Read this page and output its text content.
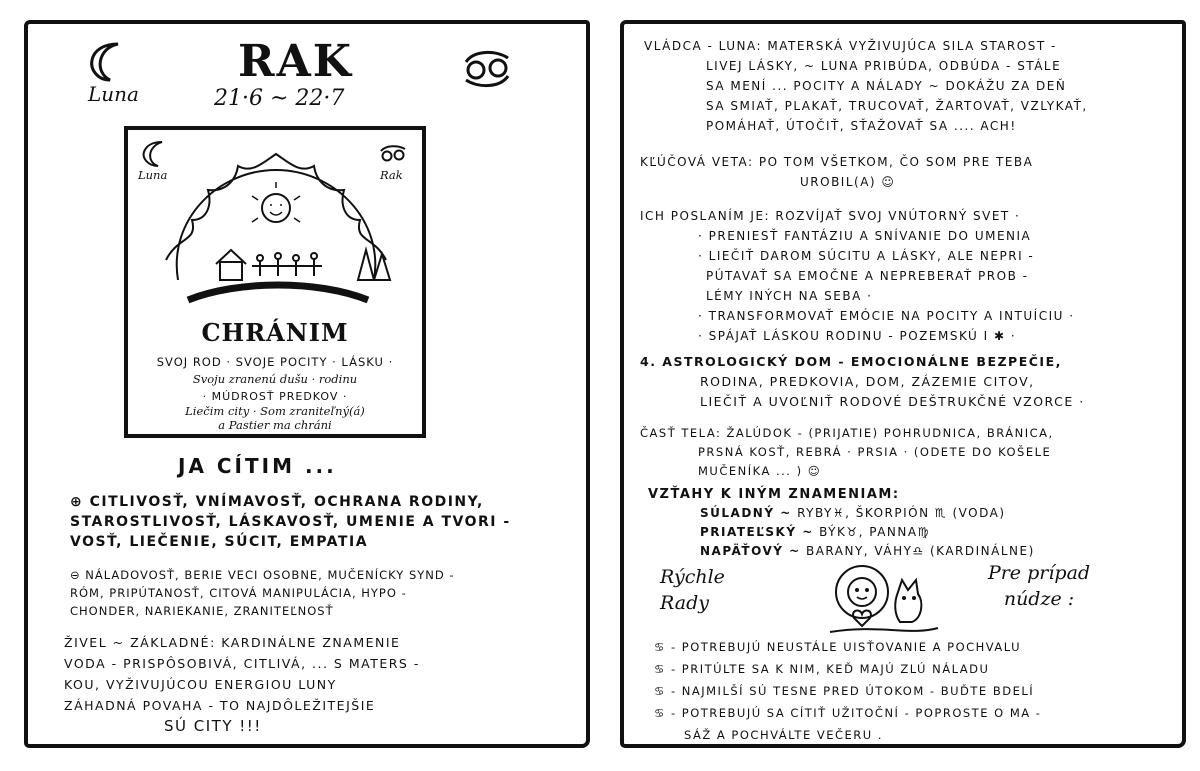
Luna
RAK
21·6 ~ 22·7
Luna	Rak
CHRÁNIM
SVOJ ROD · SVOJE POCITY · LÁSKU ·
Svoju zranenú dušu · rodinu
· MÚDROSŤ PREDKOV ·
Liečim city · Som zraniteľný(á)
a Pastier ma chráni
JA CÍTIM ...
⊕ CITLIVOSŤ, VNÍMAVOSŤ, OCHRANA RODINY,
STAROSTLIVOSŤ, LÁSKAVOSŤ, UMENIE A TVORI -
VOSŤ, LIEČENIE, SÚCIT, EMPATIA
⊖ NÁLADOVOSŤ, BERIE VECI OSOBNE, MUČENÍCKY SYND -
RÓM, PRIPÚTANOSŤ, CITOVÁ MANIPULÁCIA, HYPO -
CHONDER, NARIEKANIE, ZRANITEĽNOSŤ
ŽIVEL ~ ZÁKLADNÉ: KARDINÁLNE ZNAMENIE
VODA - PRISPÔSOBIVÁ, CITLIVÁ, ... S MATERS -
KOU, VYŽIVUJÚCOU ENERGIOU LUNY
ZÁHADNÁ POVAHA - TO NAJDÔLEŽITEJŠIE
SÚ CITY !!!
VLÁDCA - LUNA: MATERSKÁ VYŽIVUJÚCA SILA STAROST -
LIVEJ LÁSKY, ~ LUNA PRIBÚDA, ODBÚDA - STÁLE
SA MENÍ ... POCITY A NÁLADY ~ DOKÁŽU ZA DEŇ
SA SMIAŤ, PLAKAŤ, TRUCOVAŤ, ŽARTOVAŤ, VZLYKAŤ,
POMÁHAŤ, ÚTOČIŤ, SŤAŽOVAŤ SA .... ACH!
KĽÚČOVÁ VETA: PO TOM VŠETKOM, ČO SOM PRE TEBA
UROBIL(A) ☺
ICH POSLANÍM JE: ROZVÍJAŤ SVOJ VNÚTORNÝ SVET ·
· PRENIESŤ FANTÁZIU A SNÍVANIE DO UMENIA
· LIEČIŤ DAROM SÚCITU A LÁSKY, ALE NEPRI -
PÚTAVAŤ SA EMOČNE A NEPREBERAŤ PROB -
LÉMY INÝCH NA SEBA ·
· TRANSFORMOVAŤ EMÓCIE NA POCITY A INTUÍCIU ·
· SPÁJAŤ LÁSKOU RODINU - POZEMSKÚ I ✱ ·
4. ASTROLOGICKÝ DOM - EMOCIONÁLNE BEZPEČIE,
RODINA, PREDKOVIA, DOM, ZÁZEMIE CITOV,
LIEČIŤ A UVOĽNIŤ RODOVÉ DEŠTRUKČNÉ VZORCE ·
ČASŤ TELA: ŽALÚDOK - (PRIJATIE) POHRUDNICA, BRÁNICA,
PRSNÁ KOSŤ, REBRÁ · PRSIA · (ODETE DO KOŠELE
MUČENÍKA ... ) ☺
VZŤAHY K INÝM ZNAMENIAM:
SÚLADNÝ ~ RYBY♓, ŠKORPIÓN ♏ (VODA)
PRIATEĽSKÝ ~ BÝK♉, PANNA♍
NAPÄŤOVÝ ~ BARANY, VÁHY♎ (KARDINÁLNE)
Rýchle Rady
Pre prípad núdze :
♋ - POTREBUJÚ NEUSTÁLE UISŤOVANIE A POCHVALU
♋ - PRITÚLTE SA K NIM, KEĎ MAJÚ ZLÚ NÁLADU
♋ - NAJMILŠÍ SÚ TESNE PRED ÚTOKOM - BUĎTE BDELÍ
♋ - POTREBUJÚ SA CÍTIŤ UŽITOČNÍ - POPROSTE O MA -
SÁŽ A POCHVÁLTE VEČERU .
